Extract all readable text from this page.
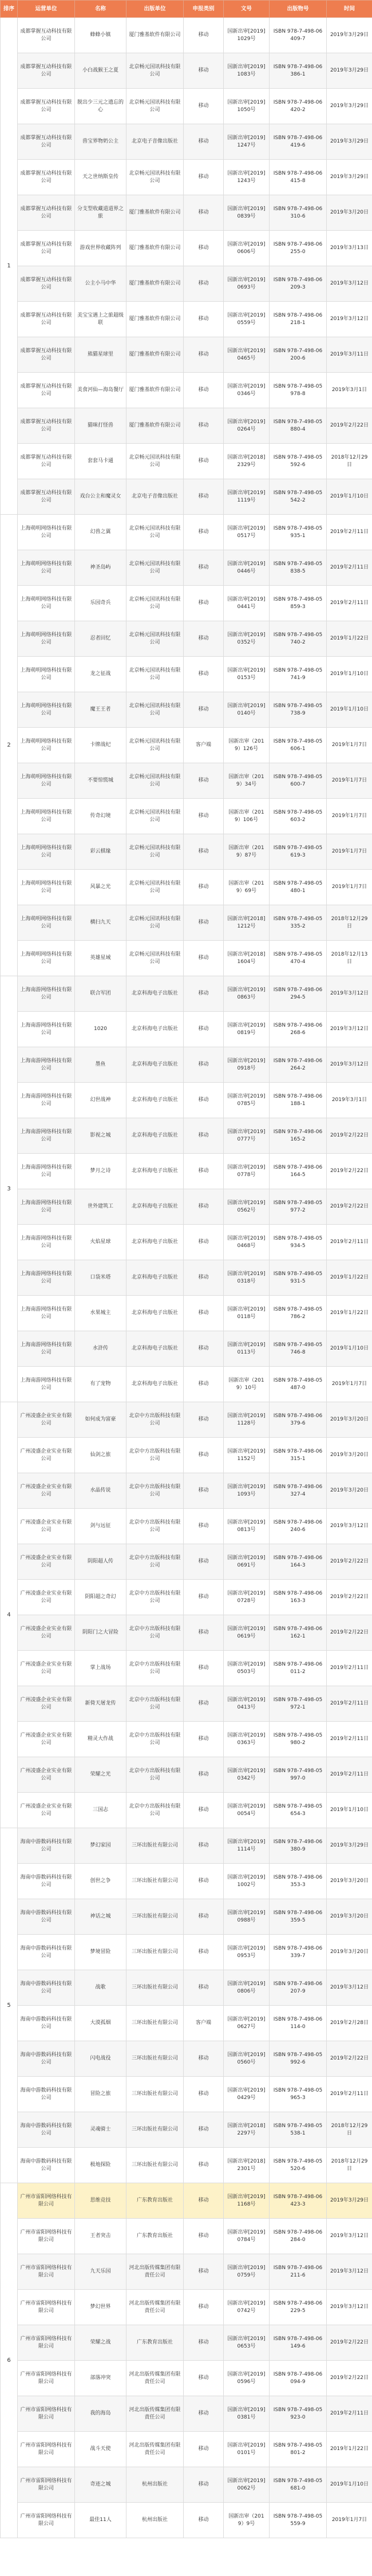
排序	运营单位	名称	出版单位	申报类别	文号	出版物号	时间
1	成都掌握互动科技有限公司	蜂蜂小镇	厦门雅基软件有限公司	移动	国新出审[2019]1029号	ISBN 978-7-498-06409-7	2019年3月29日
	成都掌握互动科技有限公司	小白战猴王之夏	北京畅元国讯科技有限公司	移动	国新出审[2019]1083号	ISBN 978-7-498-06386-1	2019年3月29日
	成都掌握互动科技有限公司	脱出少三元之遗忘的心	北京畅元国讯科技有限公司	移动	国新出审[2019]1050号	ISBN 978-7-498-06420-2	2019年3月29日
	成都掌握互动科技有限公司	兽宝界物奶公主	北京电子音像出版社	移动	国新出审[2019]1247号	ISBN 978-7-498-06419-6	2019年3月29日
	成都掌握互动科技有限公司	天之世纳斯皇传	北京畅元国讯科技有限公司	移动	国新出审[2019]1243号	ISBN 978-7-498-06415-8	2019年3月29日
	成都掌握互动科技有限公司	分支型收藏道道界之旅	厦门雅基软件有限公司	移动	国新出审[2019]0839号	ISBN 978-7-498-06310-6	2019年3月20日
	成都掌握互动科技有限公司	游戏世界收藏阵列	厦门雅基软件有限公司	移动	国新出审[2019]0606号	ISBN 978-7-498-06255-0	2019年3月13日
	成都掌握互动科技有限公司	公主小马中华	厦门雅基软件有限公司	移动	国新出审[2019]0693号	ISBN 978-7-498-06209-3	2019年3月12日
	成都掌握互动科技有限公司	美宝宝遇上之旅超级联	厦门雅基软件有限公司	移动	国新出审[2019]0559号	ISBN 978-7-498-06218-1	2019年3月12日
	成都掌握互动科技有限公司	熊猫星球里	厦门雅基软件有限公司	移动	国新出审[2019]0465号	ISBN 978-7-498-06200-6	2019年3月11日
	成都掌握互动科技有限公司	美食河仙—海岛餐厅	厦门雅基软件有限公司	移动	国新出审[2019]0346号	ISBN 978-7-498-05978-8	2019年3月1日
	成都掌握互动科技有限公司	猫咪打怪兽	厦门雅基软件有限公司	移动	国新出审[2019]0264号	ISBN 978-7-498-05880-4	2019年2月22日
	成都掌握互动科技有限公司	套套马卡通	北京畅元国讯科技有限公司	移动	国新出审[2018]2329号	ISBN 978-7-498-05592-6	2018年12月29日
	成都掌握互动科技有限公司	戏台公主和魔灵女	北京电子音像出版社	移动	国新出审[2019]1119号	ISBN 978-7-498-05542-2	2019年1月10日
2	上海萌明网络科技有限公司	幻兽之翼	北京畅元国讯科技有限公司	移动	国新出审[2019]0517号	ISBN 978-7-498-05935-1	2019年2月11日
	上海萌明网络科技有限公司	神圣岛屿	北京畅元国讯科技有限公司	移动	国新出审[2019]0446号	ISBN 978-7-498-05838-5	2019年2月11日
	上海萌明网络科技有限公司	乐园奇兵	北京畅元国讯科技有限公司	移动	国新出审[2019]0441号	ISBN 978-7-498-05859-3	2019年2月11日
	上海萌明网络科技有限公司	忍者回忆	北京畅元国讯科技有限公司	移动	国新出审[2019]0352号	ISBN 978-7-498-05740-2	2019年1月22日
	上海萌明网络科技有限公司	龙之征战	北京畅元国讯科技有限公司	移动	国新出审[2019]0153号	ISBN 978-7-498-05741-9	2019年1月10日
	上海萌明网络科技有限公司	魔王王者	北京畅元国讯科技有限公司	移动	国新出审[2019]0140号	ISBN 978-7-498-05738-9	2019年1月10日
	上海萌明网络科技有限公司	卡牌战纪	北京畅元国讯科技有限公司	客户端	国新出审（2019）126号	ISBN 978-7-498-05606-1	2019年1月7日
	上海萌明网络科技有限公司	不要惊慌城	北京畅元国讯科技有限公司	移动	国新出审（2019）34号	ISBN 978-7-498-05600-7	2019年1月7日
	上海萌明网络科技有限公司	传奇幻境	北京畅元国讯科技有限公司	移动	国新出审（2019）106号	ISBN 978-7-498-05603-2	2019年1月7日
	上海萌明网络科技有限公司	彩云棋缘	北京畅元国讯科技有限公司	移动	国新出审（2019）87号	ISBN 978-7-498-05619-3	2019年1月7日
	上海萌明网络科技有限公司	风暴之光	北京畅元国讯科技有限公司	移动	国新出审（2019）69号	ISBN 978-7-498-05480-1	2019年1月7日
	上海萌明网络科技有限公司	横扫九天	北京畅元国讯科技有限公司	移动	国新出审[2018]1212号	ISBN 978-7-498-05335-2	2018年12月29日
	上海萌明网络科技有限公司	英雄星域	北京畅元国讯科技有限公司	移动	国新出审[2018]1604号	ISBN 978-7-498-05470-4	2018年12月13日
3	上海南游网络科技有限公司	联合军团	北京科海电子出版社	移动	国新出审[2019]0863号	ISBN 978-7-498-06294-5	2019年3月12日
	上海南游网络科技有限公司	1020	北京科海电子出版社	移动	国新出审[2019]0819号	ISBN 978-7-498-06268-6	2019年3月12日
	上海南游网络科技有限公司	墨鱼	北京科海电子出版社	移动	国新出审[2019]0918号	ISBN 978-7-498-06264-2	2019年3月12日
	上海南游网络科技有限公司	幻世战神	北京科海电子出版社	移动	国新出审[2019]0785号	ISBN 978-7-498-06188-1	2019年3月1日
	上海南游网络科技有限公司	影视之城	北京科海电子出版社	移动	国新出审[2019]0777号	ISBN 978-7-498-06165-2	2019年2月22日
	上海南游网络科技有限公司	梦月之诗	北京科海电子出版社	移动	国新出审[2019]0778号	ISBN 978-7-498-06164-5	2019年2月22日
	上海南游网络科技有限公司	世外建筑工	北京科海电子出版社	移动	国新出审[2019]0562号	ISBN 978-7-498-05977-2	2019年2月22日
	上海南游网络科技有限公司	火焰星球	北京科海电子出版社	移动	国新出审[2019]0468号	ISBN 978-7-498-05934-5	2019年2月11日
	上海南游网络科技有限公司	口袋米塔	北京科海电子出版社	移动	国新出审[2019]0318号	ISBN 978-7-498-05931-5	2019年1月22日
	上海南游网络科技有限公司	水果城主	北京科海电子出版社	移动	国新出审[2019]0118号	ISBN 978-7-498-05786-2	2019年1月22日
	上海南游网络科技有限公司	水浒传	北京科海电子出版社	移动	国新出审[2019]0113号	ISBN 978-7-498-05746-8	2019年1月10日
	上海南游网络科技有限公司	有了宠物	北京科海电子出版社	移动	国新出审（2019）10号	ISBN 978-7-498-05487-0	2019年1月7日
4	广州凌盛企业实业有限公司	如何成为富豪	北京中方出版科技有限公司	移动	国新出审[2019]1128号	ISBN 978-7-498-06379-6	2019年3月20日
	广州凌盛企业实业有限公司	仙剑之旅	北京中方出版科技有限公司	移动	国新出审[2019]1152号	ISBN 978-7-498-06315-1	2019年3月20日
	广州凌盛企业实业有限公司	水晶传说	北京中方出版科技有限公司	移动	国新出审[2019]1093号	ISBN 978-7-498-06327-4	2019年3月20日
	广州凌盛企业实业有限公司	剑与远征	北京中方出版科技有限公司	移动	国新出审[2019]0813号	ISBN 978-7-498-06240-6	2019年3月12日
	广州凌盛企业实业有限公司	阴阳超人传	北京中方出版科技有限公司	移动	国新出审[2019]0691号	ISBN 978-7-498-06164-3	2019年2月22日
	广州凌盛企业实业有限公司	阴阳超之奇幻	北京中方出版科技有限公司	移动	国新出审[2019]0728号	ISBN 978-7-498-06163-3	2019年2月22日
	广州凌盛企业实业有限公司	阴阳门之大冒险	北京中方出版科技有限公司	移动	国新出审[2019]0619号	ISBN 978-7-498-06162-1	2019年2月22日
	广州凌盛企业实业有限公司	掌上战场	北京中方出版科技有限公司	移动	国新出审[2019]0503号	ISBN 978-7-498-06011-2	2019年2月11日
	广州凌盛企业实业有限公司	新倚天屠龙传	北京中方出版科技有限公司	移动	国新出审[2019]0413号	ISBN 978-7-498-05972-1	2019年2月11日
	广州凌盛企业实业有限公司	精灵大作战	北京中方出版科技有限公司	移动	国新出审[2019]0363号	ISBN 978-7-498-05980-2	2019年2月11日
	广州凌盛企业实业有限公司	荣耀之光	北京中方出版科技有限公司	移动	国新出审[2019]0342号	ISBN 978-7-498-05997-0	2019年2月11日
	广州凌盛企业实业有限公司	三国志	北京中方出版科技有限公司	移动	国新出审[2019]0054号	ISBN 978-7-498-05654-3	2019年1月10日
5	海南中游数码科技有限公司	梦幻家园	三环出版社有限公司	移动	国新出审[2019]1114号	ISBN 978-7-498-06380-9	2019年3月29日
	海南中游数码科技有限公司	创世之争	三环出版社有限公司	移动	国新出审[2019]1002号	ISBN 978-7-498-06353-3	2019年3月20日
	海南中游数码科技有限公司	神话之城	三环出版社有限公司	移动	国新出审[2019]0988号	ISBN 978-7-498-06359-5	2019年3月20日
	海南中游数码科技有限公司	梦境冒险	三环出版社有限公司	移动	国新出审[2019]0953号	ISBN 978-7-498-06339-7	2019年3月20日
	海南中游数码科技有限公司	战歌	三环出版社有限公司	移动	国新出审[2019]0806号	ISBN 978-7-498-06207-9	2019年3月12日
	海南中游数码科技有限公司	大漠孤烟	三环出版社有限公司	客户端	国新出审[2019]0627号	ISBN 978-7-498-06114-0	2019年2月28日
	海南中游数码科技有限公司	闪电战役	三环出版社有限公司	移动	国新出审[2019]0560号	ISBN 978-7-498-05992-6	2019年2月22日
	海南中游数码科技有限公司	冒险之旅	三环出版社有限公司	移动	国新出审[2019]0429号	ISBN 978-7-498-05965-3	2019年2月11日
	海南中游数码科技有限公司	灵魂骑士	三环出版社有限公司	移动	国新出审[2018]2297号	ISBN 978-7-498-05538-1	2018年12月29日
	海南中游数码科技有限公司	极地探险	三环出版社有限公司	移动	国新出审[2018]2301号	ISBN 978-7-498-05520-6	2018年12月29日
6	广州市雷阳网络科技有限公司	思维竞技	广东教育出版社	移动	国新出审[2019]1168号	ISBN 978-7-498-06423-3	2019年3月29日
	广州市雷阳网络科技有限公司	王者突击	广东教育出版社	移动	国新出审[2019]0784号	ISBN 978-7-498-06284-0	2019年3月12日
	广州市雷阳网络科技有限公司	九天乐园	河北出版传媒集团有限责任公司	移动	国新出审[2019]0759号	ISBN 978-7-498-06211-6	2019年3月12日
	广州市雷阳网络科技有限公司	梦幻世界	河北出版传媒集团有限责任公司	移动	国新出审[2019]0742号	ISBN 978-7-498-06229-5	2019年3月12日
	广州市雷阳网络科技有限公司	荣耀之战	广东教育出版社	移动	国新出审[2019]0653号	ISBN 978-7-498-06149-6	2019年2月22日
	广州市雷阳网络科技有限公司	部落冲突	河北出版传媒集团有限责任公司	移动	国新出审[2019]0596号	ISBN 978-7-498-06094-9	2019年2月22日
	广州市雷阳网络科技有限公司	我的海岛	河北出版传媒集团有限责任公司	移动	国新出审[2019]0381号	ISBN 978-7-498-05923-0	2019年2月11日
	广州市雷阳网络科技有限公司	战斗天使	河北出版传媒集团有限责任公司	移动	国新出审[2019]0101号	ISBN 978-7-498-05801-2	2019年1月22日
	广州市雷阳网络科技有限公司	奇迹之城	杭州出版社	移动	国新出审[2019]0062号	ISBN 978-7-498-05681-0	2019年1月10日
	广州市雷阳网络科技有限公司	最佳11人	杭州出版社	移动	国新出审（2019）9号	ISBN 978-7-498-05559-9	2019年1月7日
